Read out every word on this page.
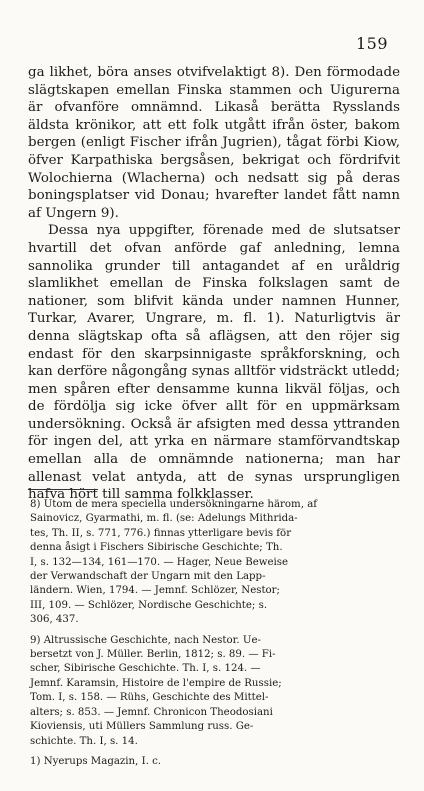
159

ga likhet, böra anses otvifvelaktigt 8). Den förmodade slägtskapen emellan Finska stammen och Uigurerna är ofvanföre omnämnd. Likaså berätta Rysslands äldsta krönikor, att ett folk utgått ifrån öster, bakom bergen (enligt Fischer ifrån Jugrien), tågat förbi Kiow, öfver Karpathiska bergsåsen, bekrigat och fördrifvit Wolochierna (Wlacherna) och nedsatt sig på deras boningsplatser vid Donau; hvarefter landet fått namn af Ungern 9).

Dessa nya uppgifter, förenade med de slutsatser hvartill det ofvan anförde gaf anledning, lemna sannolika grunder till antagandet af en uråldrig slamlikhet emellan de Finska folkslagen samt de nationer, som blifvit kända under namnen Hunner, Turkar, Avarer, Ungrare, m. fl. 1). Naturligtvis är denna slägtskap ofta så aflägsen, att den röjer sig endast för den skarpsinnigaste språkforskning, och kan derföre någongång synas alltför vidsträckt utledd; men spåren efter densamme kunna likväl följas, och de fördölja sig icke öfver allt för en uppmärksam undersökning. Också är afsigten med dessa yttranden för ingen del, att yrka en närmare stamförvandtskap emellan alla de omnämnde nationerna; man har allenast velat antyda, att de synas ursprungligen hafva hört till samma folkklasser.

8) Utom de mera speciella undersökningarne härom, af
Sainovicz, Gyarmathi, m. fl. (se: Adelungs Mithrida-
tes, Th. II, s. 771, 776.) finnas ytterligare bevis för
denna åsigt i Fischers Sibirische Geschichte; Th.
I, s. 132—134, 161—170. — Hager, Neue Beweise
der Verwandschaft der Ungarn mit den Lapp-
ländern. Wien, 1794. — Jemnf. Schlözer, Nestor;
III, 109. — Schlözer, Nordische Geschichte; s.
306, 437.
9) Altrussische Geschichte, nach Nestor. Ue-
bersetzt von J. Müller. Berlin, 1812; s. 89. — Fi-
scher, Sibirische Geschichte. Th. I, s. 124. —
Jemnf. Karamsin, Histoire de l'empire de Russie;
Tom. I, s. 158. — Rühs, Geschichte des Mittel-
alters; s. 853. — Jemnf. Chronicon Theodosiani
Kioviensis, uti Müllers Sammlung russ. Ge-
schichte. Th. I, s. 14.
1) Nyerups Magazin, I. c.
